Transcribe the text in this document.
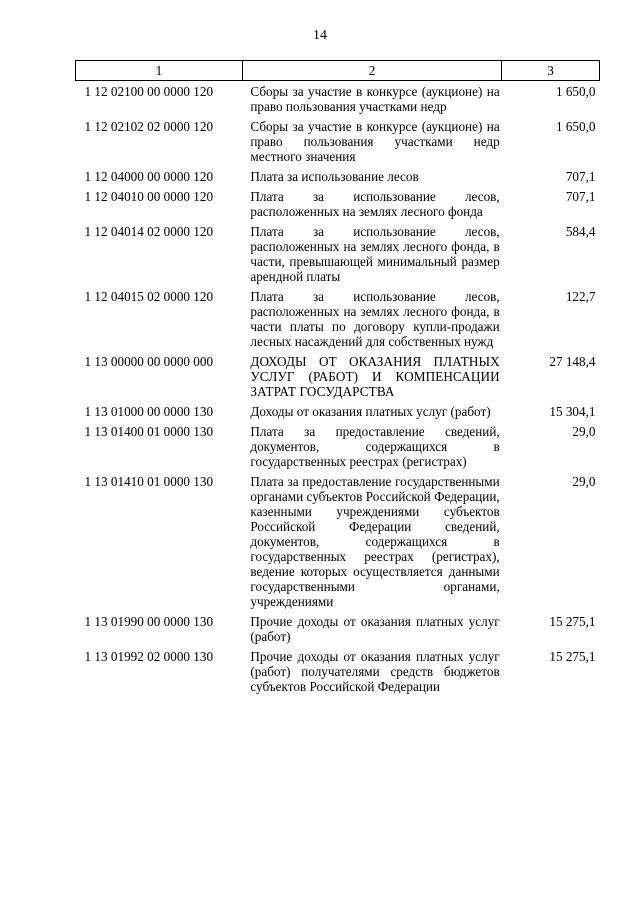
14
1	2	3
1 12 02100 00 0000 120	Сборы за участие в конкурсе (аукционе) на право пользования участками недр	1 650,0
1 12 02102 02 0000 120	Сборы за участие в конкурсе (аукционе) на право пользования участками недр местного значения	1 650,0
1 12 04000 00 0000 120	Плата за использование лесов	707,1
1 12 04010 00 0000 120	Плата за использование лесов, расположенных на землях лесного фонда	707,1
1 12 04014 02 0000 120	Плата за использование лесов, расположенных на землях лесного фонда, в части, превышающей минимальный размер арендной платы	584,4
1 12 04015 02 0000 120	Плата за использование лесов, расположенных на землях лесного фонда, в части платы по договору купли-продажи лесных насаждений для собственных нужд	122,7
1 13 00000 00 0000 000	ДОХОДЫ ОТ ОКАЗАНИЯ ПЛАТНЫХ УСЛУГ (РАБОТ) И КОМПЕНСАЦИИ ЗАТРАТ ГОСУДАРСТВА	27 148,4
1 13 01000 00 0000 130	Доходы от оказания платных услуг (работ)	15 304,1
1 13 01400 01 0000 130	Плата за предоставление сведений, документов, содержащихся в государственных реестрах (регистрах)	29,0
1 13 01410 01 0000 130	Плата за предоставление государственными органами субъектов Российской Федерации, казенными учреждениями субъектов Российской Федерации сведений, документов, содержащихся в государственных реестрах (регистрах), ведение которых осуществляется данными государственными органами, учреждениями	29,0
1 13 01990 00 0000 130	Прочие доходы от оказания платных услуг (работ)	15 275,1
1 13 01992 02 0000 130	Прочие доходы от оказания платных услуг (работ) получателями средств бюджетов субъектов Российской Федерации	15 275,1
